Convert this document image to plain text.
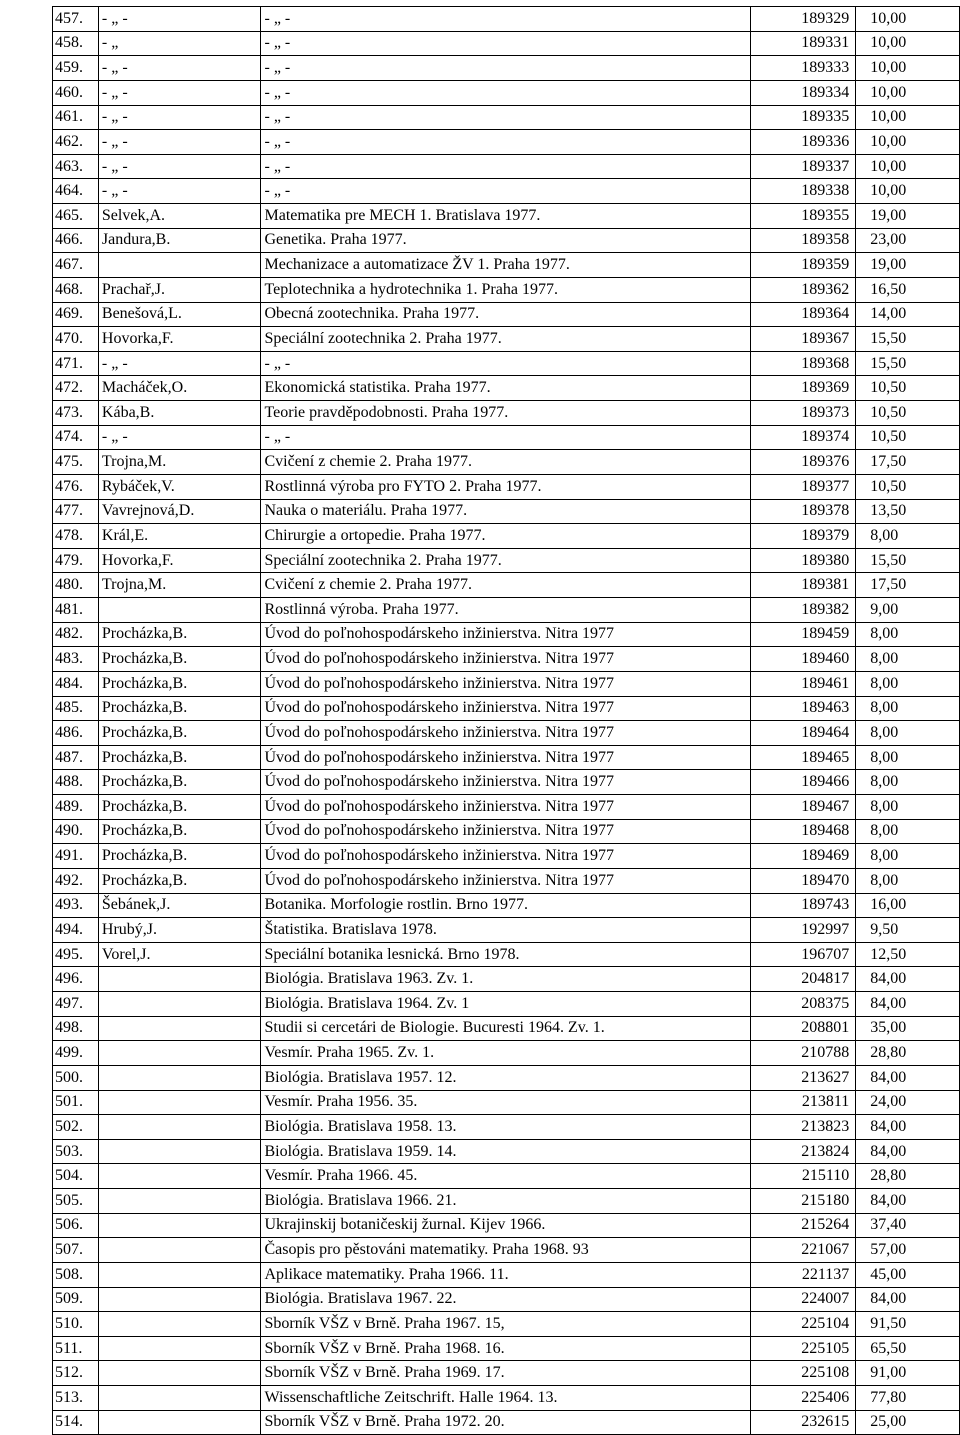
457.	- „ -	- „ -	189329	10,00
458.	- „	- „ -	189331	10,00
459.	- „ -	- „ -	189333	10,00
460.	- „ -	- „ -	189334	10,00
461.	- „ -	- „ -	189335	10,00
462.	- „ -	- „ -	189336	10,00
463.	- „ -	- „ -	189337	10,00
464.	- „ -	- „ -	189338	10,00
465.	Selvek,A.	Matematika pre MECH 1. Bratislava 1977.	189355	19,00
466.	Jandura,B.	Genetika. Praha 1977.	189358	23,00
467.		Mechanizace a automatizace ŽV 1. Praha 1977.	189359	19,00
468.	Prachař,J.	Teplotechnika a hydrotechnika 1. Praha 1977.	189362	16,50
469.	Benešová,L.	Obecná zootechnika. Praha 1977.	189364	14,00
470.	Hovorka,F.	Speciální zootechnika 2. Praha 1977.	189367	15,50
471.	- „ -	- „ -	189368	15,50
472.	Macháček,O.	Ekonomická statistika. Praha 1977.	189369	10,50
473.	Kába,B.	Teorie pravděpodobnosti. Praha 1977.	189373	10,50
474.	- „ -	- „ -	189374	10,50
475.	Trojna,M.	Cvičení z chemie 2. Praha 1977.	189376	17,50
476.	Rybáček,V.	Rostlinná výroba pro FYTO 2. Praha 1977.	189377	10,50
477.	Vavrejnová,D.	Nauka o materiálu. Praha 1977.	189378	13,50
478.	Král,E.	Chirurgie a ortopedie. Praha 1977.	189379	8,00
479.	Hovorka,F.	Speciální zootechnika 2. Praha 1977.	189380	15,50
480.	Trojna,M.	Cvičení z chemie 2. Praha 1977.	189381	17,50
481.		Rostlinná výroba. Praha 1977.	189382	9,00
482.	Procházka,B.	Úvod do poľnohospodárskeho inžinierstva. Nitra 1977	189459	8,00
483.	Procházka,B.	Úvod do poľnohospodárskeho inžinierstva. Nitra 1977	189460	8,00
484.	Procházka,B.	Úvod do poľnohospodárskeho inžinierstva. Nitra 1977	189461	8,00
485.	Procházka,B.	Úvod do poľnohospodárskeho inžinierstva. Nitra 1977	189463	8,00
486.	Procházka,B.	Úvod do poľnohospodárskeho inžinierstva. Nitra 1977	189464	8,00
487.	Procházka,B.	Úvod do poľnohospodárskeho inžinierstva. Nitra 1977	189465	8,00
488.	Procházka,B.	Úvod do poľnohospodárskeho inžinierstva. Nitra 1977	189466	8,00
489.	Procházka,B.	Úvod do poľnohospodárskeho inžinierstva. Nitra 1977	189467	8,00
490.	Procházka,B.	Úvod do poľnohospodárskeho inžinierstva. Nitra 1977	189468	8,00
491.	Procházka,B.	Úvod do poľnohospodárskeho inžinierstva. Nitra 1977	189469	8,00
492.	Procházka,B.	Úvod do poľnohospodárskeho inžinierstva. Nitra 1977	189470	8,00
493.	Šebánek,J.	Botanika. Morfologie rostlin. Brno 1977.	189743	16,00
494.	Hrubý,J.	Štatistika. Bratislava 1978.	192997	9,50
495.	Vorel,J.	Speciální botanika lesnická. Brno 1978.	196707	12,50
496.		Biológia. Bratislava 1963. Zv. 1.	204817	84,00
497.		Biológia. Bratislava 1964. Zv. 1	208375	84,00
498.		Studii si cercetári de Biologie. Bucuresti 1964. Zv. 1.	208801	35,00
499.		Vesmír. Praha 1965. Zv. 1.	210788	28,80
500.		Biológia. Bratislava 1957. 12.	213627	84,00
501.		Vesmír. Praha 1956. 35.	213811	24,00
502.		Biológia. Bratislava 1958. 13.	213823	84,00
503.		Biológia. Bratislava 1959. 14.	213824	84,00
504.		Vesmír. Praha 1966. 45.	215110	28,80
505.		Biológia. Bratislava 1966. 21.	215180	84,00
506.		Ukrajinskij botaničeskij žurnal. Kijev 1966.	215264	37,40
507.		Časopis pro pěstováni matematiky. Praha 1968. 93	221067	57,00
508.		Aplikace matematiky. Praha 1966. 11.	221137	45,00
509.		Biológia. Bratislava 1967. 22.	224007	84,00
510.		Sborník VŠZ v Brně. Praha 1967. 15,	225104	91,50
511.		Sborník VŠZ v Brně. Praha 1968. 16.	225105	65,50
512.		Sborník VŠZ v Brně. Praha 1969. 17.	225108	91,00
513.		Wissenschaftliche Zeitschrift. Halle 1964. 13.	225406	77,80
514.		Sborník VŠZ v Brně. Praha 1972. 20.	232615	25,00
